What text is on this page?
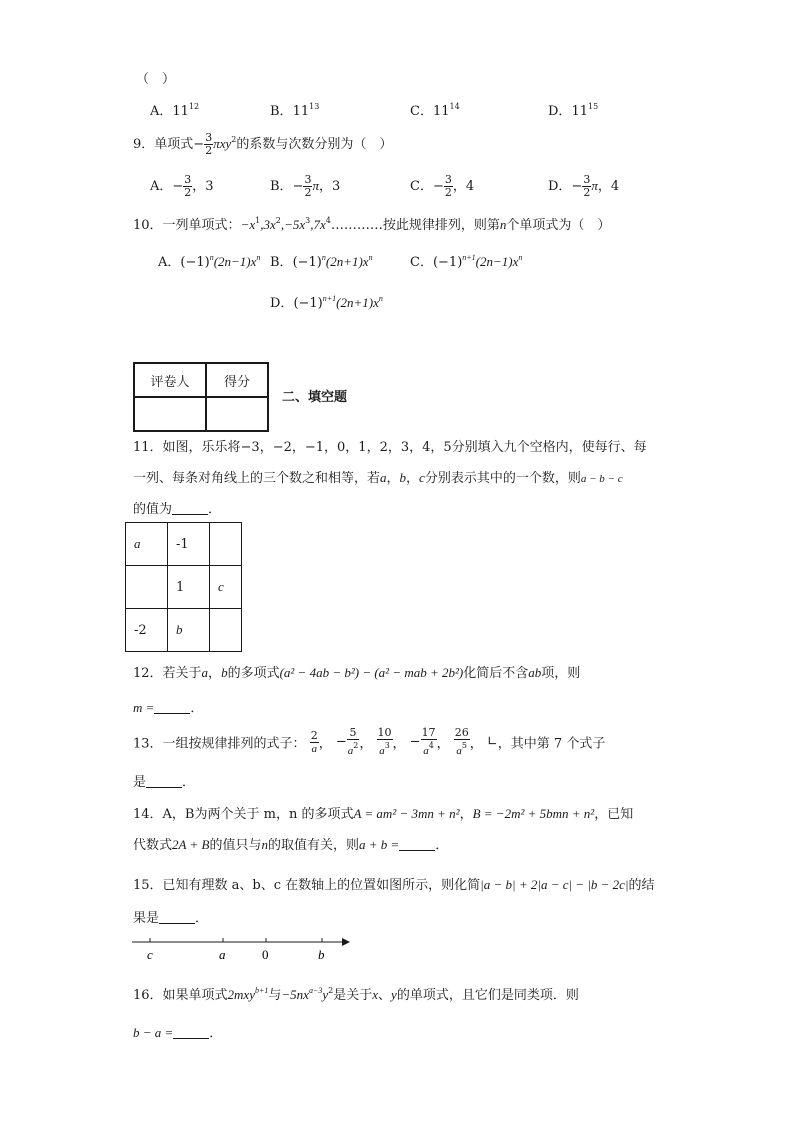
（　）
A．$11^{12}$	B．$11^{13}$	C．$11^{14}$	D．$11^{15}$
9．单项式− $\frac{3}{2} \pi xy^2$的系数与次数分别为（　）
A．− $\frac{3}{2}$ ，3	B．− $\frac{3}{2}$ π，3	C．− $\frac{3}{2}$ ，4	D．− $\frac{3}{2}$ π，4
10．一列单项式：$-x^1,3x^2,-5x^3,7x^4\dots\dots\dots\dots$按此规律排列，则第n个单项式为（　）
A．$(-1)^n(2n-1)x^n$ B．$(-1)^n(2n+1)x^n$	C．$(-1)^{n+1}(2n-1)x^n$
D．$(-1)^{n+1}(2n+1)x^n$
评卷人	得分

二、填空题
11．如图，乐乐将−3，−2，−1，0，1，2，3，4，5分别填入九个空格内，使每行、每
一列、每条对角线上的三个数之和相等，若a，b，c分别表示其中的一个数，则a − b − c
的值为	．
a	-1	
	1	c
-2	b	
12．若关于a，b的多项式(a² − 4ab − b²) − (a² − mab + 2b²)化简后不含ab项，则
m =	．
13．一组按规律排列的式子： $\frac{2}{a}$ ， − $\frac{5}{a^2}$ ， $\frac{10}{a^3}$ ， − $\frac{17}{a^4}$ ， $\frac{26}{a^5}$ ， ∟，其中第 7 个式子
是	．
14．A，B为两个关于 m，n 的多项式A = am² − 3mn + n²，B = −2m² + 5bmn + n²，已知
代数式2A + B的值只与n的取值有关，则a + b =	．
15．已知有理数 a、b、c 在数轴上的位置如图所示，则化简|a − b| + 2|a − c| − |b − 2c|的结
果是	．
c	a	0	b
16．如果单项式2mxy$^{b+1}$与$-5nx^{a-3}y^2$是关于x、y的单项式，且它们是同类项．则
b − a =	．
